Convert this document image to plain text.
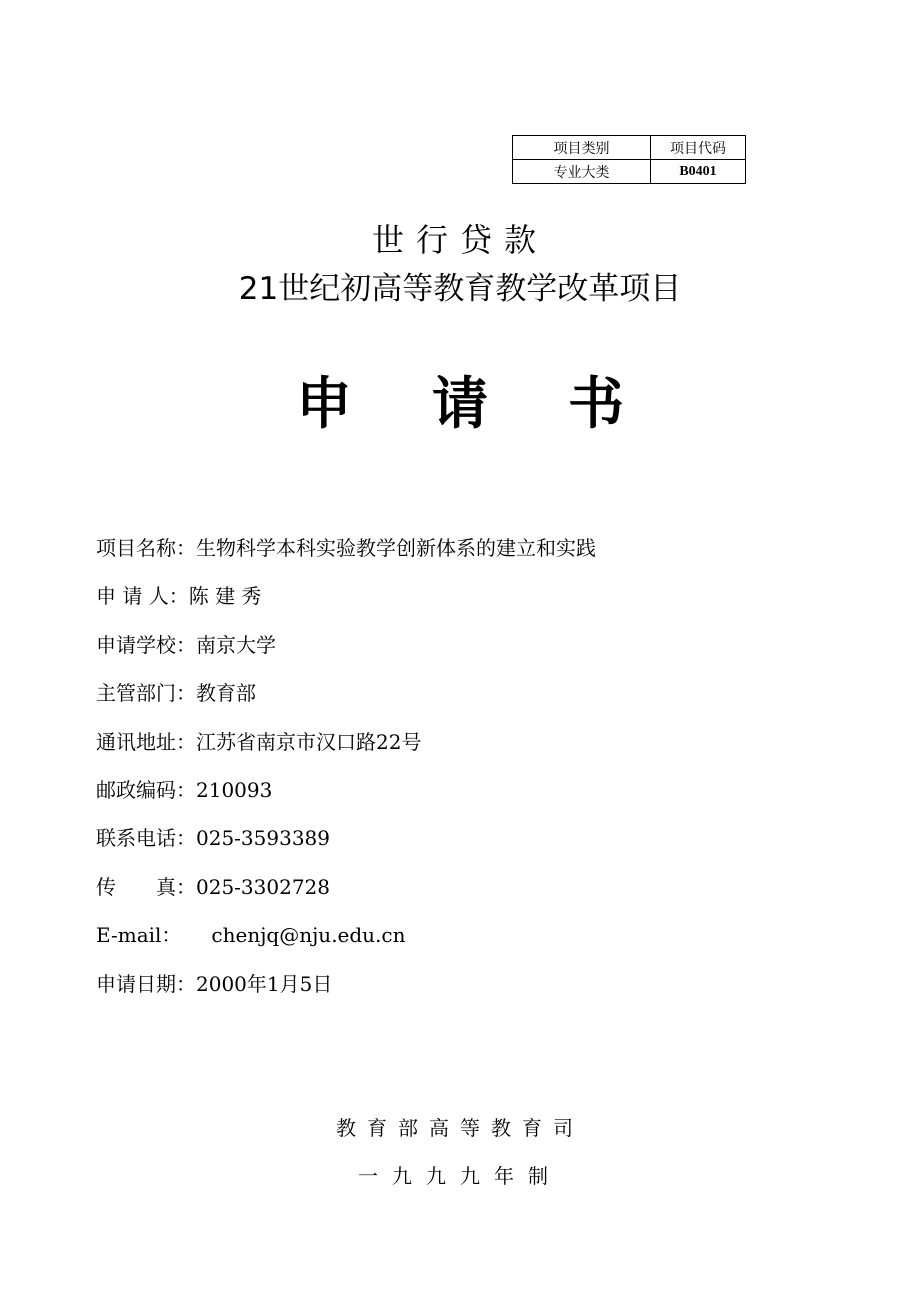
项目类别	项目代码
专业大类	B0401
世行贷款
21世纪初高等教育教学改革项目
申请书
项目名称：生物科学本科实验教学创新体系的建立和实践
申 请 人：陈 建 秀
申请学校：南京大学
主管部门：教育部
通讯地址：江苏省南京市汉口路22号
邮政编码：210093
联系电话：025-3593389
传　　真：025-3302728
E-mail： chenjq@nju.edu.cn
申请日期：2000年1月5日
教育部高等教育司
一九九九年制
